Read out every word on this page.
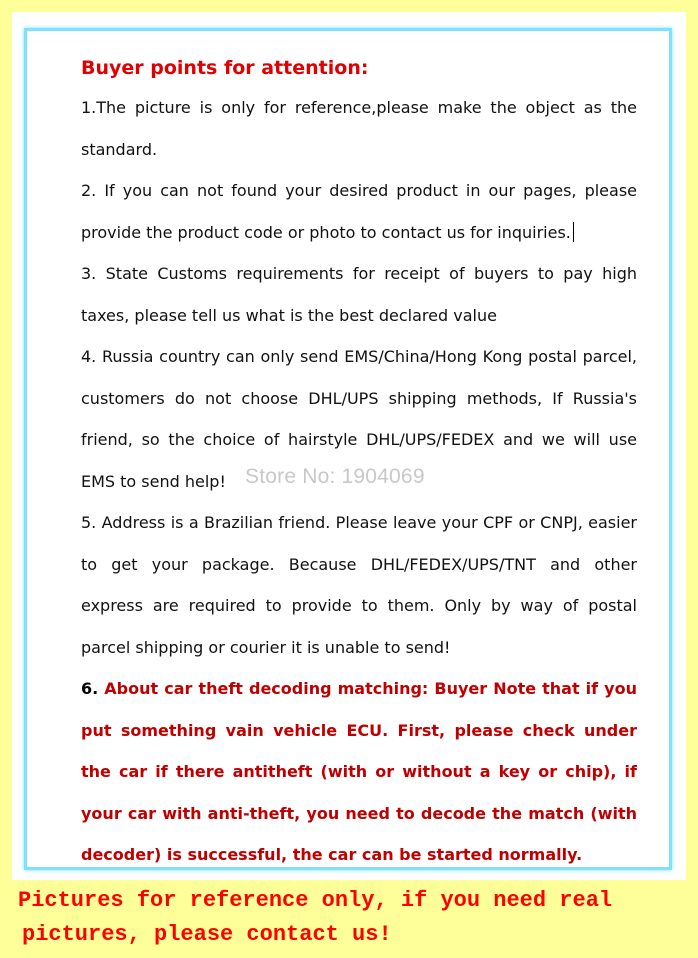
Buyer points for attention:

1.The picture is only for reference,please make the object as the standard.

2. If you can not found your desired product in our pages, please provide the product code or photo to contact us for inquiries.

3. State Customs requirements for receipt of buyers to pay high taxes, please tell us what is the best declared value

4. Russia country can only send EMS/China/Hong Kong postal parcel, customers do not choose DHL/UPS shipping methods, If Russia's friend, so the choice of hairstyle DHL/UPS/FEDEX and we will use EMS to send help!

5. Address is a Brazilian friend. Please leave your CPF or CNPJ, easier to get your package. Because DHL/FEDEX/UPS/TNT and other express are required to provide to them. Only by way of postal parcel shipping or courier it is unable to send!

6. About car theft decoding matching: Buyer Note that if you put something vain vehicle ECU. First, please check under the car if there antitheft (with or without a key or chip), if your car with anti-theft, you need to decode the match (with decoder) is successful, the car can be started normally.

Store No: 1904069
Pictures for reference only, if you need real
pictures, please contact us!
